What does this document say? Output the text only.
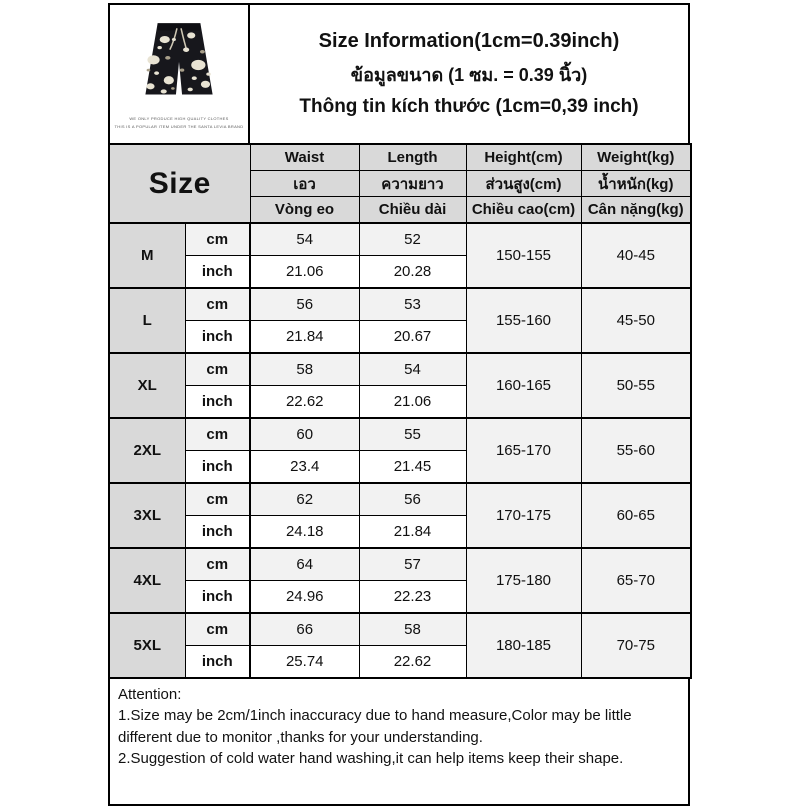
WE ONLY PRODUCE HIGH QUALITY CLOTHES
THIS IS A POPULAR ITEM UNDER THE SANTA LEVIA BRAND
Size Information(1cm=0.39inch)
ข้อมูลขนาด (1 ซม. = 0.39 นิ้ว)
Thông tin kích thước (1cm=0,39 inch)
Size		Waist	Length	Height(cm)	Weight(kg)
		เอว	ความยาว	ส่วนสูง(cm)	น้ำหนัก(kg)
		Vòng eo	Chiều dài	Chiều cao(cm)	Cân nặng(kg)
M	cm	54	52	150-155	40-45
	inch	21.06	20.28		
L	cm	56	53	155-160	45-50
	inch	21.84	20.67		
XL	cm	58	54	160-165	50-55
	inch	22.62	21.06		
2XL	cm	60	55	165-170	55-60
	inch	23.4	21.45		
3XL	cm	62	56	170-175	60-65
	inch	24.18	21.84		
4XL	cm	64	57	175-180	65-70
	inch	24.96	22.23		
5XL	cm	66	58	180-185	70-75
	inch	25.74	22.62		
Attention:
1.Size may be 2cm/1inch inaccuracy due to hand measure,Color may be little different due to monitor ,thanks for your understanding.
2.Suggestion of cold water hand washing,it can help items keep their shape.
